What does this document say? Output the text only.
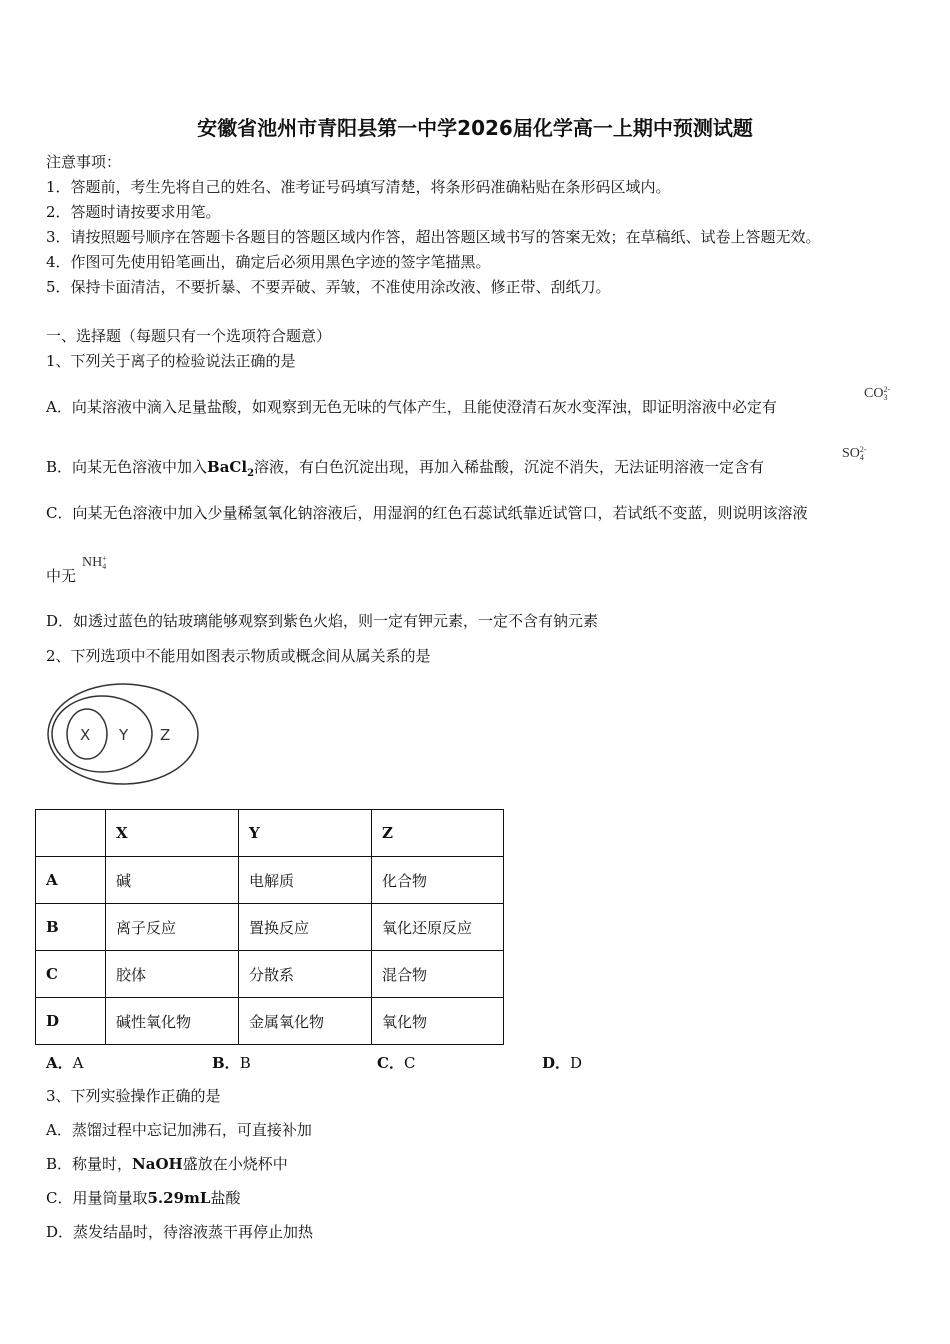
安徽省池州市青阳县第一中学2026届化学高一上期中预测试题
注意事项：
1．答题前，考生先将自己的姓名、准考证号码填写清楚，将条形码准确粘贴在条形码区域内。
2．答题时请按要求用笔。
3．请按照题号顺序在答题卡各题目的答题区域内作答，超出答题区域书写的答案无效；在草稿纸、试卷上答题无效。
4．作图可先使用铅笔画出，确定后必须用黑色字迹的签字笔描黑。
5．保持卡面清洁，不要折暴、不要弄破、弄皱，不准使用涂改液、修正带、刮纸刀。
一、选择题（每题只有一个选项符合题意）
1、下列关于离子的检验说法正确的是
A．向某溶液中滴入足量盐酸，如观察到无色无味的气体产生，且能使澄清石灰水变浑浊，即证明溶液中必定有
CO 2-
3
B．向某无色溶液中加入BaCl$_2$溶液，有白色沉淀出现，再加入稀盐酸，沉淀不消失，无法证明溶液一定含有
SO 2-
4
C．向某无色溶液中加入少量稀氢氧化钠溶液后，用湿润的红色石蕊试纸靠近试管口，若试纸不变蓝，则说明该溶液
中无
NH +
4
D．如透过蓝色的钴玻璃能够观察到紫色火焰，则一定有钾元素，一定不含有钠元素
2、下列选项中不能用如图表示物质或概念间从属关系的是
X Y Z
	X	Y	Z
A	碱	电解质	化合物
B	离子反应	置换反应	氧化还原反应
C	胶体	分散系	混合物
D	碱性氧化物	金属氧化物	氧化物
A．A	B．B	C．C	D．D
3、下列实验操作正确的是
A．蒸馏过程中忘记加沸石，可直接补加
B．称量时，NaOH盛放在小烧杯中
C．用量筒量取5.29mL盐酸
D．蒸发结晶时，待溶液蒸干再停止加热
